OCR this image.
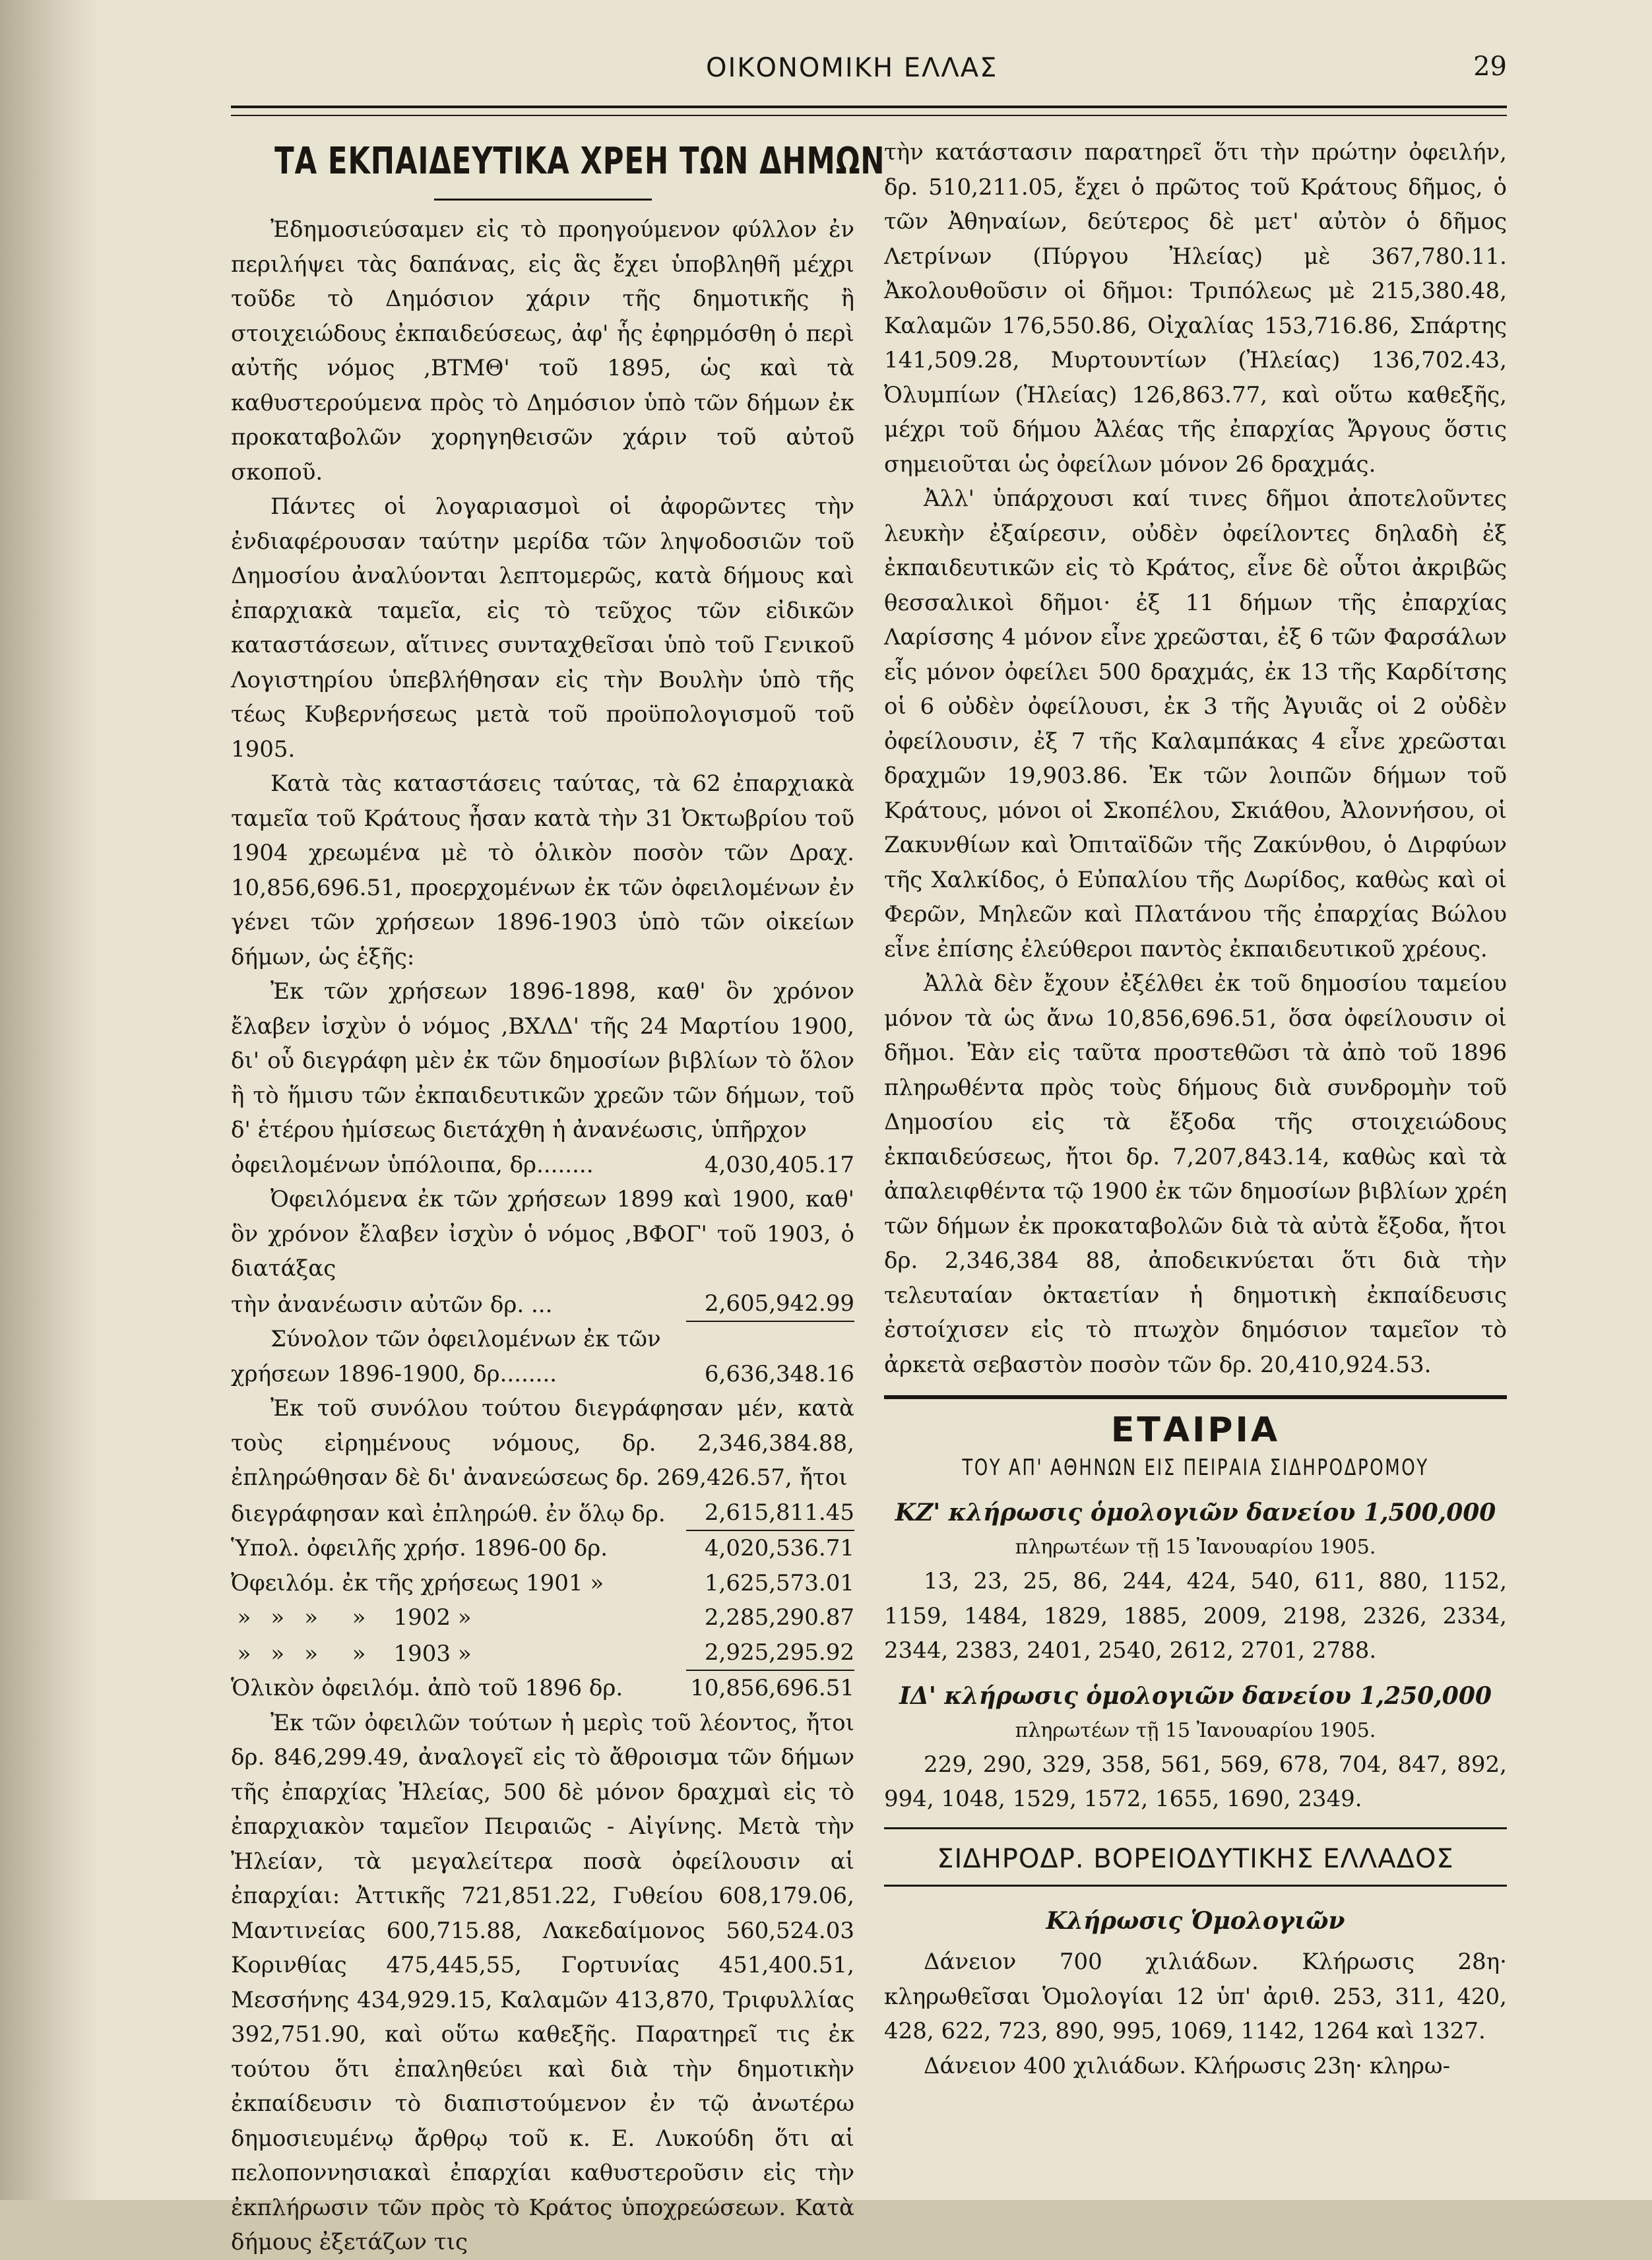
ΟΙΚΟΝΟΜΙΚΗ ΕΛΛΑΣ	29
ΤΑ ΕΚΠΑΙΔΕΥΤΙΚΑ ΧΡΕΗ ΤΩΝ ΔΗΜΩΝ

Ἐδημοσιεύσαμεν εἰς τὸ προηγούμενον φύλλον ἐν περιλήψει τὰς δαπάνας, εἰς ἃς ἔχει ὑποβληθῆ μέχρι τοῦδε τὸ Δημόσιον χάριν τῆς δημοτικῆς ἢ στοιχειώδους ἐκπαιδεύσεως, ἀφ' ἧς ἐφηρμόσθη ὁ περὶ αὐτῆς νόμος ,ΒΤΜΘ' τοῦ 1895, ὡς καὶ τὰ καθυστερούμενα πρὸς τὸ Δημόσιον ὑπὸ τῶν δήμων ἐκ προκαταβολῶν χορηγηθεισῶν χάριν τοῦ αὐτοῦ σκοποῦ.

Πάντες οἱ λογαριασμοὶ οἱ ἀφορῶντες τὴν ἐνδιαφέρουσαν ταύτην μερίδα τῶν ληψοδοσιῶν τοῦ Δημοσίου ἀναλύονται λεπτομερῶς, κατὰ δήμους καὶ ἐπαρχιακὰ ταμεῖα, εἰς τὸ τεῦχος τῶν εἰδικῶν καταστάσεων, αἵτινες συνταχθεῖσαι ὑπὸ τοῦ Γενικοῦ Λογιστηρίου ὑπεβλήθησαν εἰς τὴν Βουλὴν ὑπὸ τῆς τέως Κυβερνήσεως μετὰ τοῦ προϋπολογισμοῦ τοῦ 1905.

Κατὰ τὰς καταστάσεις ταύτας, τὰ 62 ἐπαρχιακὰ ταμεῖα τοῦ Κράτους ἦσαν κατὰ τὴν 31 Ὀκτωβρίου τοῦ 1904 χρεωμένα μὲ τὸ ὁλικὸν ποσὸν τῶν Δραχ. 10,856,696.51, προερχομένων ἐκ τῶν ὀφειλομένων ἐν γένει τῶν χρήσεων 1896-1903 ὑπὸ τῶν οἰκείων δήμων, ὡς ἑξῆς:

Ἐκ τῶν χρήσεων 1896-1898, καθ' ὃν χρόνον ἔλαβεν ἰσχὺν ὁ νόμος ,ΒΧΛΔ' τῆς 24 Μαρτίου 1900, δι' οὗ διεγράφη μὲν ἐκ τῶν δημοσίων βιβλίων τὸ ὅλον ἢ τὸ ἥμισυ τῶν ἐκπαιδευτικῶν χρεῶν τῶν δήμων, τοῦ δ' ἑτέρου ἡμίσεως διετάχθη ἡ ἀνανέωσις, ὑπῆρχον

ὀφειλομένων ὑπόλοιπα, δρ........	4,030,405.17

Ὀφειλόμενα ἐκ τῶν χρήσεων 1899 καὶ 1900, καθ' ὃν χρόνον ἔλαβεν ἰσχὺν ὁ νόμος ,ΒΦΟΓ' τοῦ 1903, ὁ διατάξας

τὴν ἀνανέωσιν αὐτῶν δρ. ...	2,605,942.99

Σύνολον τῶν ὀφειλομένων ἐκ τῶν

χρήσεων 1896-1900, δρ........	6,636,348.16

Ἐκ τοῦ συνόλου τούτου διεγράφησαν μέν, κατὰ τοὺς εἰρημένους νόμους, δρ. 2,346,384.88, ἐπληρώθησαν δὲ δι' ἀνανεώσεως δρ. 269,426.57, ἤτοι

διεγράφησαν καὶ ἐπληρώθ. ἐν ὅλῳ δρ.	2,615,811.45
Ὑπολ. ὀφειλῆς χρήσ. 1896-00 δρ.	4,020,536.71
Ὀφειλόμ. ἐκ τῆς χρήσεως 1901 »	1,625,573.01
» » » » 1902 »	2,285,290.87
» » » » 1903 »	2,925,295.92
Ὁλικὸν ὀφειλόμ. ἀπὸ τοῦ 1896 δρ.	10,856,696.51

Ἐκ τῶν ὀφειλῶν τούτων ἡ μερὶς τοῦ λέοντος, ἤτοι δρ. 846,299.49, ἀναλογεῖ εἰς τὸ ἄθροισμα τῶν δήμων τῆς ἐπαρχίας Ἠλείας, 500 δὲ μόνον δραχμαὶ εἰς τὸ ἐπαρχιακὸν ταμεῖον Πειραιῶς - Αἰγίνης. Μετὰ τὴν Ἠλείαν, τὰ μεγαλείτερα ποσὰ ὀφείλουσιν αἱ ἐπαρχίαι: Ἀττικῆς 721,851.22, Γυθείου 608,179.06, Μαντινείας 600,715.88, Λακεδαίμονος 560,524.03 Κορινθίας 475,445,55, Γορτυνίας 451,400.51, Μεσσήνης 434,929.15, Καλαμῶν 413,870, Τριφυλλίας 392,751.90, καὶ οὕτω καθεξῆς. Παρατηρεῖ τις ἐκ τούτου ὅτι ἐπαληθεύει καὶ διὰ τὴν δημοτικὴν ἐκπαίδευσιν τὸ διαπιστούμενον ἐν τῷ ἀνωτέρω δημοσιευμένῳ ἄρθρῳ τοῦ κ. Ε. Λυκούδη ὅτι αἱ πελοποννησιακαὶ ἐπαρχίαι καθυστεροῦσιν εἰς τὴν ἐκπλήρωσιν τῶν πρὸς τὸ Κράτος ὑποχρεώσεων. Κατὰ δήμους ἐξετάζων τις

τὴν κατάστασιν παρατηρεῖ ὅτι τὴν πρώτην ὀφειλήν, δρ. 510,211.05, ἔχει ὁ πρῶτος τοῦ Κράτους δῆμος, ὁ τῶν Ἀθηναίων, δεύτερος δὲ μετ' αὐτὸν ὁ δῆμος Λετρίνων (Πύργου Ἠλείας) μὲ 367,780.11. Ἀκολουθοῦσιν οἱ δῆμοι: Τριπόλεως μὲ 215,380.48, Καλαμῶν 176,550.86, Οἰχαλίας 153,716.86, Σπάρτης 141,509.28, Μυρτουντίων (Ἠλείας) 136,702.43, Ὀλυμπίων (Ἠλείας) 126,863.77, καὶ οὕτω καθεξῆς, μέχρι τοῦ δήμου Ἀλέας τῆς ἐπαρχίας Ἄργους ὅστις σημειοῦται ὡς ὀφείλων μόνον 26 δραχμάς.

Ἀλλ' ὑπάρχουσι καί τινες δῆμοι ἀποτελοῦντες λευκὴν ἐξαίρεσιν, οὐδὲν ὀφείλοντες δηλαδὴ ἐξ ἐκπαιδευτικῶν εἰς τὸ Κράτος, εἶνε δὲ οὗτοι ἀκριβῶς θεσσαλικοὶ δῆμοι· ἐξ 11 δήμων τῆς ἐπαρχίας Λαρίσσης 4 μόνον εἶνε χρεῶσται, ἐξ 6 τῶν Φαρσάλων εἷς μόνον ὀφείλει 500 δραχμάς, ἐκ 13 τῆς Καρδίτσης οἱ 6 οὐδὲν ὀφείλουσι, ἐκ 3 τῆς Ἀγυιᾶς οἱ 2 οὐδὲν ὀφείλουσιν, ἐξ 7 τῆς Καλαμπάκας 4 εἶνε χρεῶσται δραχμῶν 19,903.86. Ἐκ τῶν λοιπῶν δήμων τοῦ Κράτους, μόνοι οἱ Σκοπέλου, Σκιάθου, Ἀλοννήσου, οἱ Ζακυνθίων καὶ Ὀπιταϊδῶν τῆς Ζακύνθου, ὁ Διρφύων τῆς Χαλκίδος, ὁ Εὐπαλίου τῆς Δωρίδος, καθὼς καὶ οἱ Φερῶν, Μηλεῶν καὶ Πλατάνου τῆς ἐπαρχίας Βώλου εἶνε ἐπίσης ἐλεύθεροι παντὸς ἐκπαιδευτικοῦ χρέους.

Ἀλλὰ δὲν ἔχουν ἐξέλθει ἐκ τοῦ δημοσίου ταμείου μόνον τὰ ὡς ἄνω 10,856,696.51, ὅσα ὀφείλουσιν οἱ δῆμοι. Ἐὰν εἰς ταῦτα προστεθῶσι τὰ ἀπὸ τοῦ 1896 πληρωθέντα πρὸς τοὺς δήμους διὰ συνδρομὴν τοῦ Δημοσίου εἰς τὰ ἔξοδα τῆς στοιχειώδους ἐκπαιδεύσεως, ἤτοι δρ. 7,207,843.14, καθὼς καὶ τὰ ἀπαλειφθέντα τῷ 1900 ἐκ τῶν δημοσίων βιβλίων χρέη τῶν δήμων ἐκ προκαταβολῶν διὰ τὰ αὐτὰ ἔξοδα, ἤτοι δρ. 2,346,384 88, ἀποδεικνύεται ὅτι διὰ τὴν τελευταίαν ὀκταετίαν ἡ δημοτικὴ ἐκπαίδευσις ἐστοίχισεν εἰς τὸ πτωχὸν δημόσιον ταμεῖον τὸ ἀρκετὰ σεβαστὸν ποσὸν τῶν δρ. 20,410,924.53.

ΕΤΑΙΡΙΑ
ΤΟΥ ΑΠ' ΑΘΗΝΩΝ ΕΙΣ ΠΕΙΡΑΙΑ ΣΙΔΗΡΟΔΡΟΜΟΥ
ΚΖ' κλήρωσις ὁμολογιῶν δανείου 1,500,000
πληρωτέων τῇ 15 Ἰανουαρίου 1905.

13, 23, 25, 86, 244, 424, 540, 611, 880, 1152, 1159, 1484, 1829, 1885, 2009, 2198, 2326, 2334, 2344, 2383, 2401, 2540, 2612, 2701, 2788.

ΙΔ' κλήρωσις ὁμολογιῶν δανείου 1,250,000
πληρωτέων τῇ 15 Ἰανουαρίου 1905.

229, 290, 329, 358, 561, 569, 678, 704, 847, 892, 994, 1048, 1529, 1572, 1655, 1690, 2349.

ΣΙΔΗΡΟΔΡ. ΒΟΡΕΙΟΔΥΤΙΚΗΣ ΕΛΛΑΔΟΣ
Κλήρωσις Ὁμολογιῶν

Δάνειον 700 χιλιάδων. Κλήρωσις 28η· κληρωθεῖσαι Ὁμολογίαι 12 ὑπ' ἀριθ. 253, 311, 420, 428, 622, 723, 890, 995, 1069, 1142, 1264 καὶ 1327.

Δάνειον 400 χιλιάδων. Κλήρωσις 23η· κληρω-
